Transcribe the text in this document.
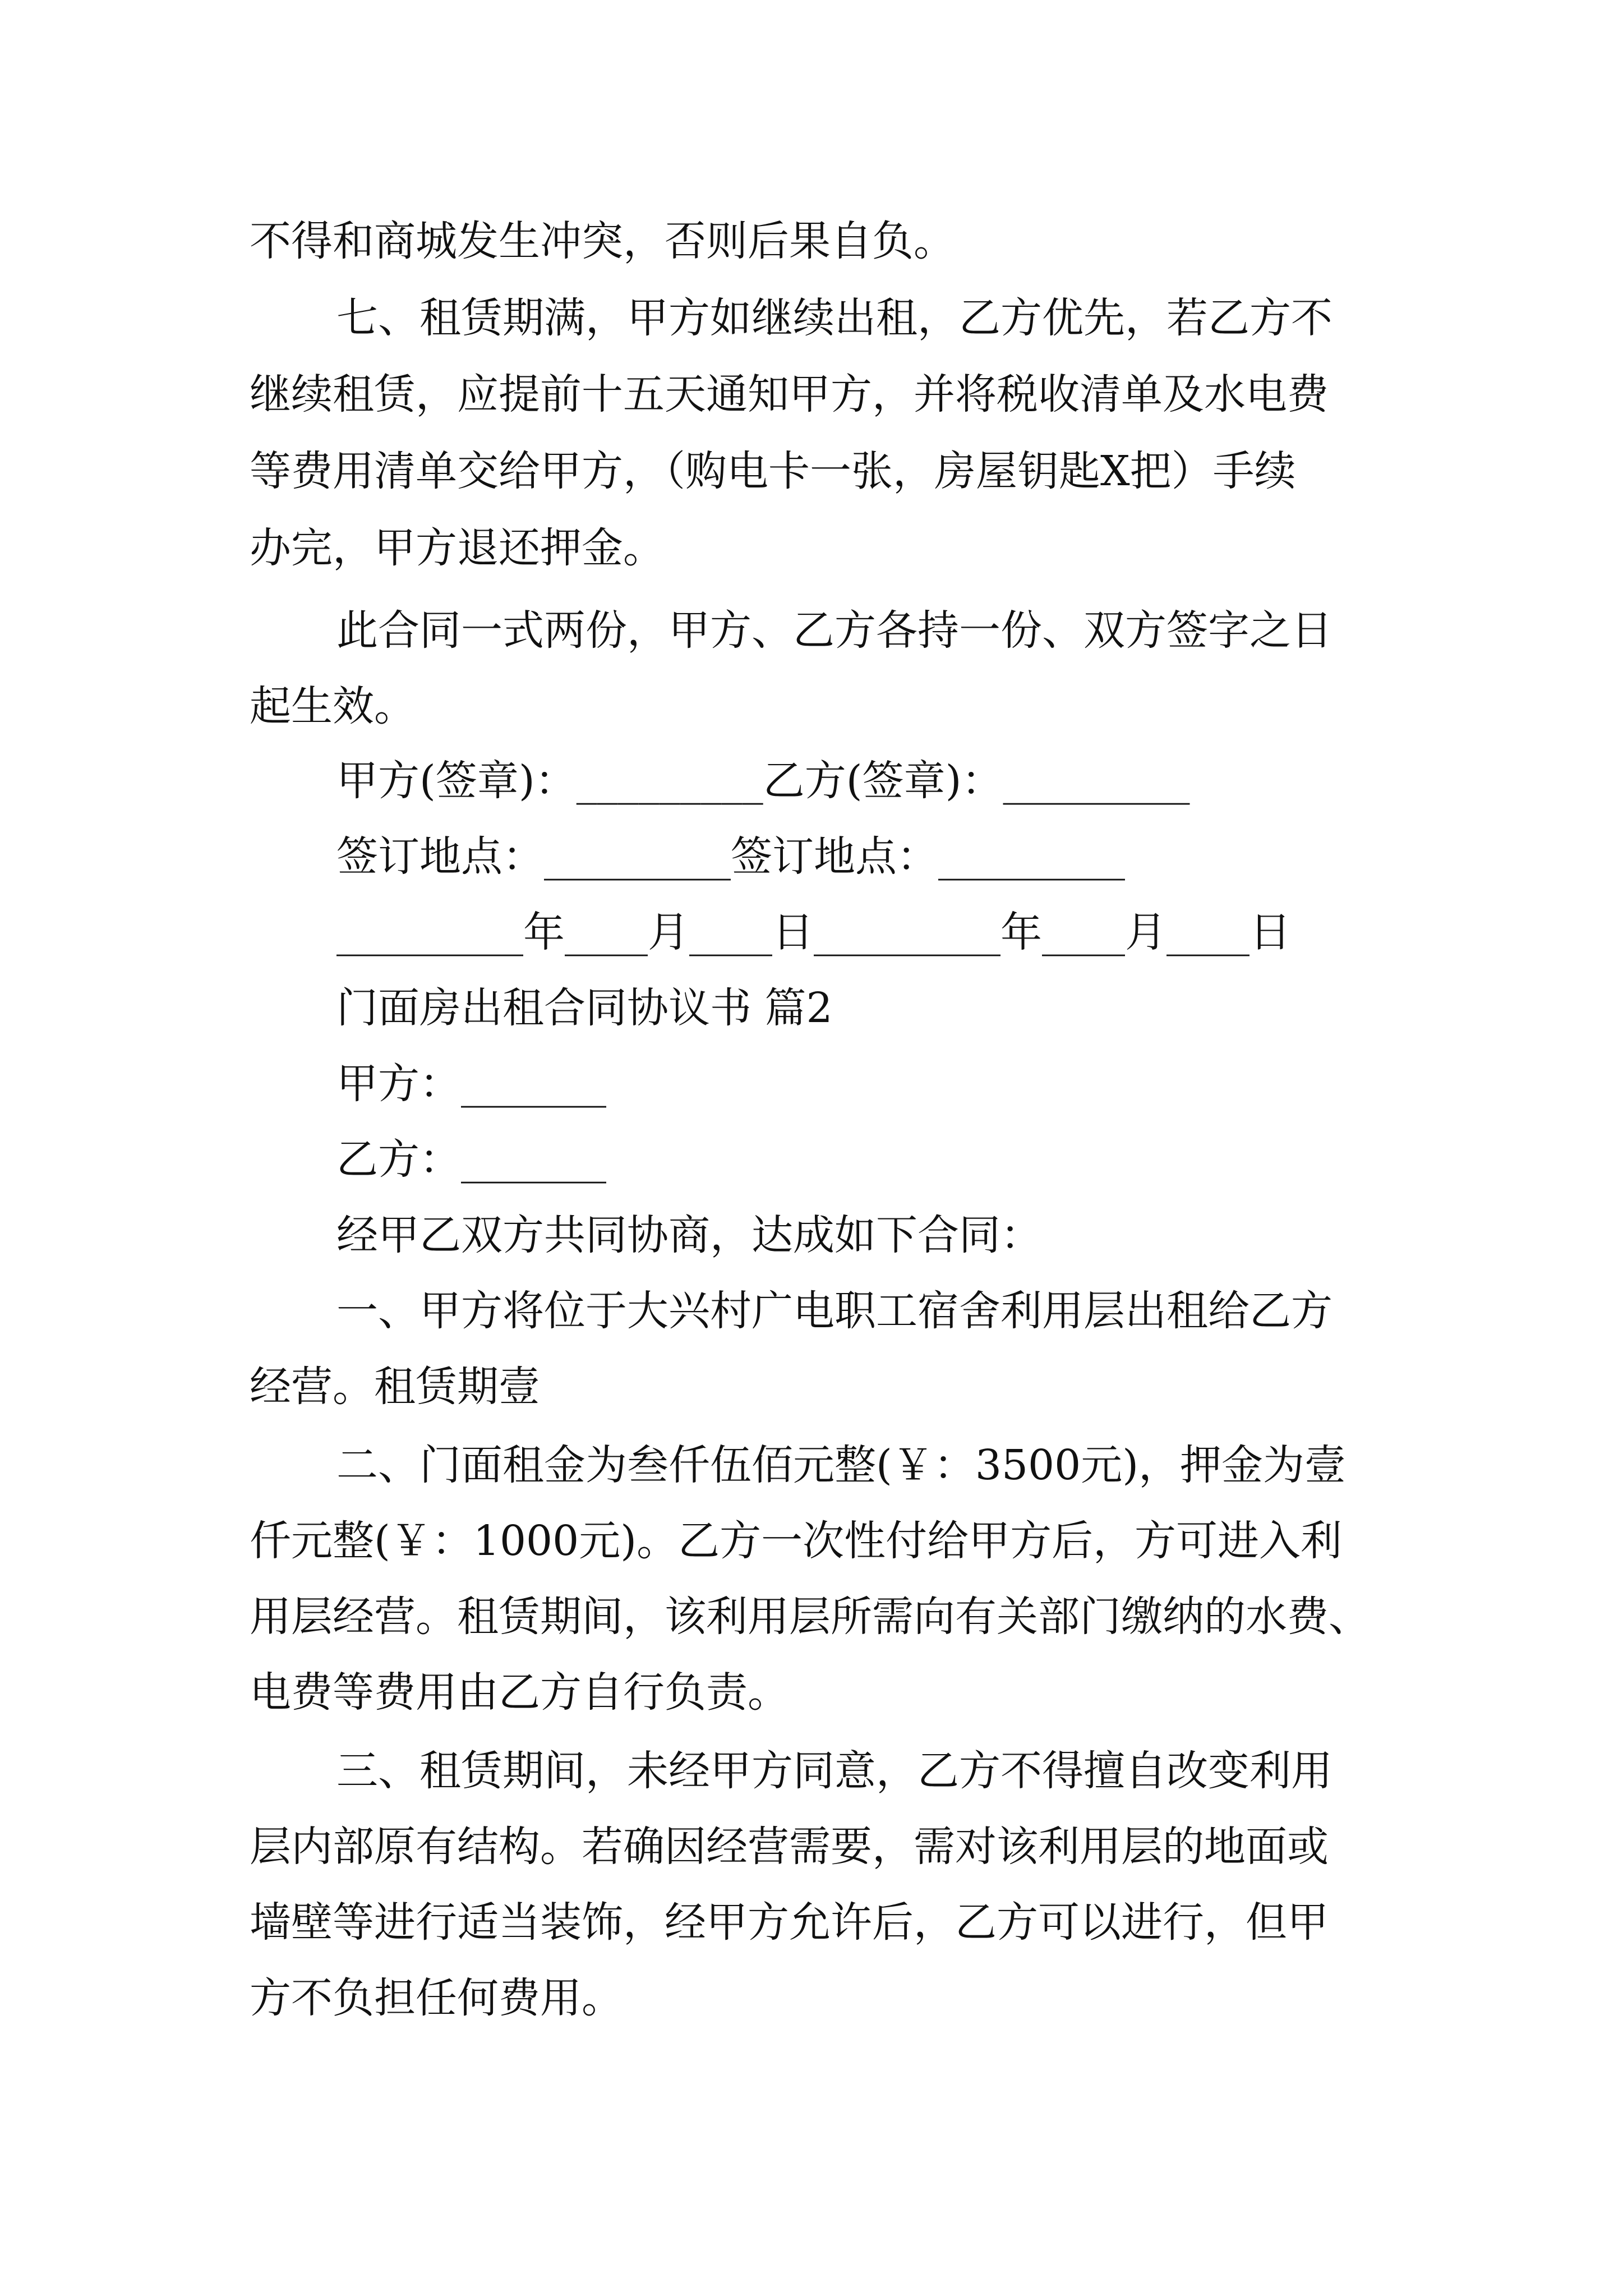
不得和商城发生冲突，否则后果自负。

七、租赁期满，甲方如继续出租，乙方优先，若乙方不

继续租赁，应提前十五天通知甲方，并将税收清单及水电费

等费用清单交给甲方，（购电卡一张，房屋钥匙X把）手续

办完，甲方退还押金。

此合同一式两份，甲方、乙方各持一份、双方签字之日

起生效。

甲方(签章)：_________乙方(签章)：_________

签订地点：_________签订地点：_________

_________年____月____日_________年____月____日

门面房出租合同协议书 篇2

甲方：_______

乙方：_______

经甲乙双方共同协商，达成如下合同：

一、甲方将位于大兴村广电职工宿舍利用层出租给乙方

经营。租赁期壹

二、门面租金为叁仟伍佰元整(￥：3500元)，押金为壹

仟元整(￥：1000元)。乙方一次性付给甲方后，方可进入利

用层经营。租赁期间，该利用层所需向有关部门缴纳的水费、

电费等费用由乙方自行负责。

三、租赁期间，未经甲方同意，乙方不得擅自改变利用

层内部原有结构。若确因经营需要，需对该利用层的地面或

墙壁等进行适当装饰，经甲方允许后，乙方可以进行，但甲

方不负担任何费用。
